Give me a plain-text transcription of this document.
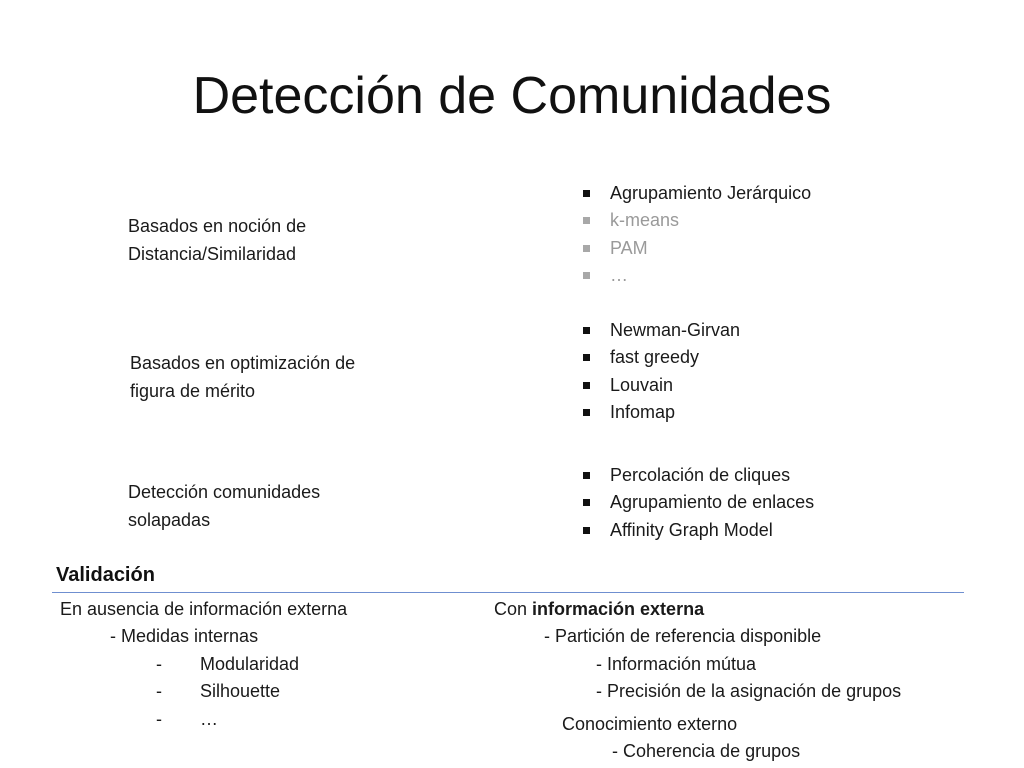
Detección de Comunidades
Basados en noción de
Distancia/Similaridad
Basados en optimización de
figura de mérito
Detección comunidades
solapadas
Agrupamiento Jerárquico
k-means
PAM
…
Newman-Girvan
fast greedy
Louvain
Infomap
Percolación de cliques
Agrupamiento de enlaces
Affinity Graph Model
Validación
En ausencia de información externa
- Medidas internas
- Modularidad
- Silhouette
- …
Con información externa
- Partición de referencia disponible
- Información mútua
- Precisión de la asignación de grupos
Conocimiento externo
- Coherencia de grupos
